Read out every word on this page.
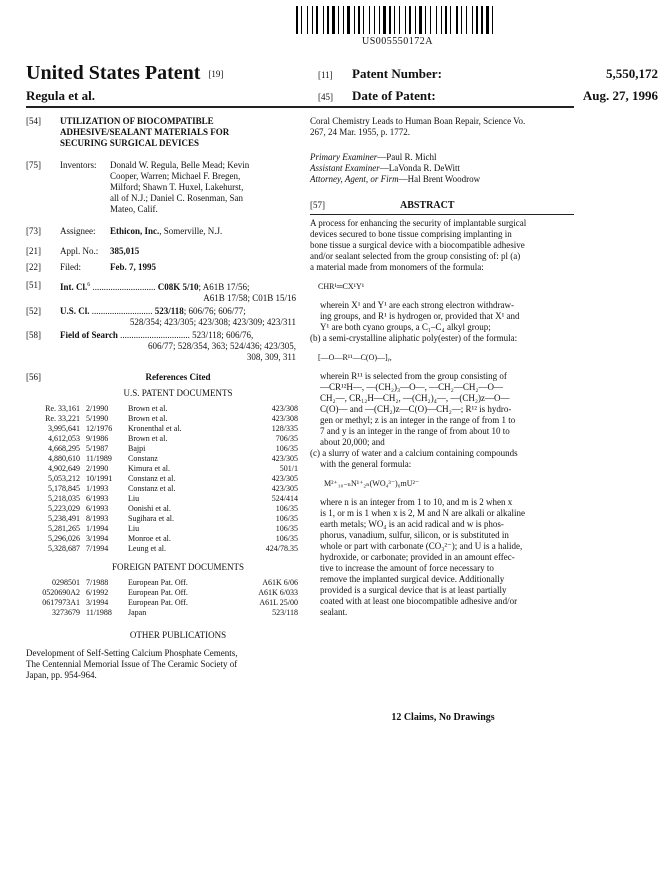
US005550172A
United States Patent [19]
Regula et al.
[11] Patent Number:	5,550,172
[45] Date of Patent:	Aug. 27, 1996
[54] UTILIZATION OF BIOCOMPATIBLE
ADHESIVE/SEALANT MATERIALS FOR
SECURING SURGICAL DEVICES
[75] Inventors: Donald W. Regula, Belle Mead; Kevin
Cooper, Warren; Michael F. Bregen,
Milford; Shawn T. Huxel, Lakehurst,
all of N.J.; Daniel C. Rosenman, San
Mateo, Calif.
[73] Assignee: Ethicon, Inc., Somerville, N.J.
[21] Appl. No.: 385,015
[22] Filed:	Feb. 7, 1995
[51] Int. Cl.$^6$ ............................ C08K 5/10; A61B 17/56;
A61B 17/58; C01B 15/16
[52] U.S. Cl. ........................... 523/118; 606/76; 606/77;
528/354; 423/305; 423/308; 423/309; 423/311
[58] Field of Search ............................... 523/118; 606/76,
606/77; 528/354, 363; 524/436; 423/305,
308, 309, 311
[56]	References Cited
U.S. PATENT DOCUMENTS
Re. 33,161	2/1990	Brown et al.	423/308
Re. 33,221	5/1990	Brown et al.	423/308
3,995,641	12/1976	Kronenthal et al.	128/335
4,612,053	9/1986	Brown et al.	706/35
4,668,295	5/1987	Bajpi	106/35
4,880,610	11/1989	Constanz	423/305
4,902,649	2/1990	Kimura et al.	501/1
5,053,212	10/1991	Constanz et al.	423/305
5,178,845	1/1993	Constanz et al.	423/305
5,218,035	6/1993	Liu	524/414
5,223,029	6/1993	Oonishi et al.	106/35
5,238,491	8/1993	Sugihara et al.	106/35
5,281,265	1/1994	Liu	106/35
5,296,026	3/1994	Monroe et al.	106/35
5,328,687	7/1994	Leung et al.	424/78.35
FOREIGN PATENT DOCUMENTS
0298501	7/1988	European Pat. Off.	A61K 6/06
0520690A2	6/1992	European Pat. Off.	A61K 6/033
0617973A1	3/1994	European Pat. Off.	A61L 25/00
3273679	11/1988	Japan	523/118
OTHER PUBLICATIONS
Development of Self-Setting Calcium Phosphate Cements,
The Centennial Memorial Issue of The Ceramic Society of
Japan, pp. 954-964.
Coral Chemistry Leads to Human Boan Repair, Science Vo.
267, 24 Mar. 1955, p. 1772.
Primary Examiner—Paul R. Michl
Assistant Examiner—LaVonda R. DeWitt
Attorney, Agent, or Firm—Hal Brent Woodrow
[57]	ABSTRACT
A process for enhancing the security of implantable surgical
devices secured to bone tissue comprising implanting in
bone tissue a surgical device with a biocompatible adhesive
and/or sealant selected from the group consisting of: pl (a)
a material made from monomers of the formula:
CHR¹═CX¹Y¹
wherein X¹ and Y¹ are each strong electron withdraw-
ing groups, and R¹ is hydrogen or, provided that X¹ and
Y¹ are both cyano groups, a C₁–C₄ alkyl group;
(b) a semi-crystalline aliphatic poly(ester) of the formula:
[—O—R¹¹—C(O)—]ᵧ,
wherein R¹¹ is selected from the group consisting of
—CR¹²H—, —(CH₂)₃—O—, —CH₂—CH₂—O—
CH₂—, CR₁₂H—CH₂, —(CH₂)₄—, —(CH₂)z—O—
C(O)— and —(CH₂)z—C(O)—CH₂—; R¹² is hydro-
gen or methyl; z is an integer in the range of from 1 to
7 and y is an integer in the range of from about 10 to
about 20,000; and
(c) a slurry of water and a calcium containing compounds
with the general formula:
M²⁺₁₀₋ₙN¹⁺₂ₙ(WO₄³⁻)₆mU²⁻
where n is an integer from 1 to 10, and m is 2 when x
is 1, or m is 1 when x is 2, M and N are alkali or alkaline
earth metals; WO₄ is an acid radical and w is phos-
phorus, vanadium, sulfur, silicon, or is substituted in
whole or part with carbonate (CO₃²⁻); and U is a halide,
hydroxide, or carbonate; provided in an amount effec-
tive to increase the amount of force necessary to
remove the implanted surgical device. Additionally
provided is a surgical device that is at least partially
coated with at least one biocompatible adhesive and/or
sealant.
12 Claims, No Drawings
